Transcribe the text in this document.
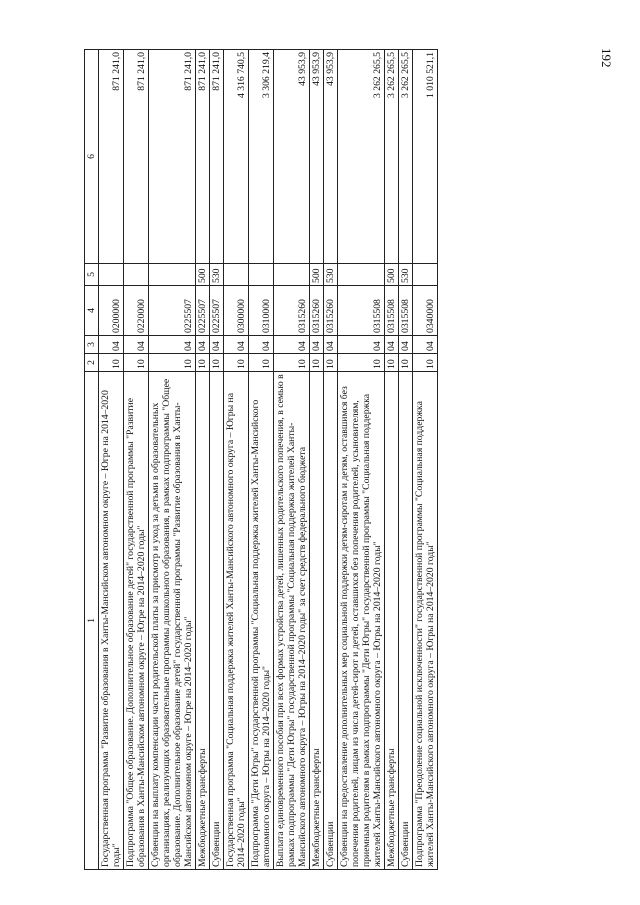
192
1	2	3	4	5	6
Государственная программа "Развитие образования в Ханты-Мансийском автономном округе – Югре на 2014–2020 годы"	10	04	0200000		871 241,0
Подпрограмма "Общее образование. Дополнительное образование детей" государственной программы "Развитие образования в Ханты-Мансийском автономном округе – Югре на 2014–2020 годы"	10	04	0220000		871 241,0
Субвенции на выплату компенсации части родительской платы за присмотр и уход за детьми в образовательных организациях, реализующих образовательные программы дошкольного образования, в рамках подпрограммы "Общее образование. Дополнительное образование детей" государственной программы "Развитие образования в Ханты-Мансийском автономном округе – Югре на 2014–2020 годы"	10	04	0225507		871 241,0
Межбюджетные трансферты	10	04	0225507	500	871 241,0
Субвенции	10	04	0225507	530	871 241,0
Государственная программа "Социальная поддержка жителей Ханты-Мансийского автономного округа – Югры на 2014–2020 годы"	10	04	0300000		4 316 740,5
Подпрограмма "Дети Югры" государственной программы "Социальная поддержка жителей Ханты-Мансийского автономного округа – Югры на 2014–2020 годы"	10	04	0310000		3 306 219,4
Выплата единовременного пособия при всех формах устройства детей, лишенных родительского попечения, в семью в рамках подпрограммы "Дети Югры" государственной программы "Социальная поддержка жителей Ханты-Мансийского автономного округа – Югры на 2014–2020 годы" за счет средств федерального бюджета	10	04	0315260		43 953,9
Межбюджетные трансферты	10	04	0315260	500	43 953,9
Субвенции	10	04	0315260	530	43 953,9
Субвенции на предоставление дополнительных мер социальной поддержки детям-сиротам и детям, оставшимся без попечения родителей, лицам из числа детей-сирот и детей, оставшихся без попечения родителей, усыновителям, приемным родителям в рамках подпрограммы "Дети Югры" государственной программы "Социальная поддержка жителей Ханты-Мансийского автономного округа – Югры на 2014–2020 годы"	10	04	0315508		3 262 265,5
Межбюджетные трансферты	10	04	0315508	500	3 262 265,5
Субвенции	10	04	0315508	530	3 262 265,5
Подпрограмма "Преодоление социальной исключенности" государственной программы "Социальная поддержка жителей Ханты-Мансийского автономного округа – Югры на 2014–2020 годы"	10	04	0340000		1 010 521,1
